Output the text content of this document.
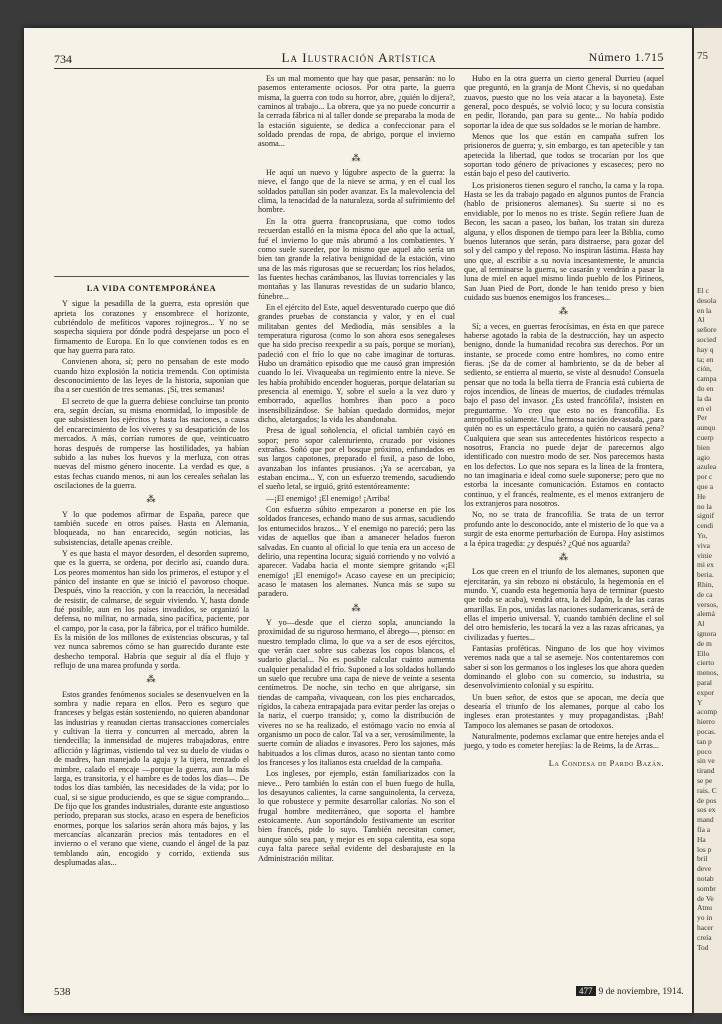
734	La Ilustración Artística	Número 1.715
LA VIDA CONTEMPORÁNEA

Y sigue la pesadilla de la guerra, esta opresión que aprieta los corazones y ensombrece el horizonte, cubriéndolo de mefíticos vapores rojinegros... Y no se sospecha siquiera por dónde podrá despejarse un poco el firmamento de Europa. En lo que convienen todos es en que hay guerra para rato.

Convienen ahora, sí; pero no pensaban de este modo cuando hizo explosión la noticia tremenda. Con optimista desconocimiento de las leyes de la historia, suponían que iba a ser cuestión de tres semanas. ¡Sí, tres semanas!

El secreto de que la guerra debiese concluirse tan pronto era, según decían, su misma enormidad, lo imposible de que subsistiesen los ejércitos y hasta las naciones, a causa del encarecimiento de los víveres y su desaparición de los mercados. A más, corrían rumores de que, veinticuatro horas después de romperse las hostilidades, ya habían subido a las nubes los huevos y la merluza, con otras nuevas del mismo género inocente. La verdad es que, a estas fechas cuando menos, ni aun los cereales señalan las oscilaciones de la guerra.

⁂

Y lo que podemos afirmar de España, parece que también sucede en otros países. Hasta en Alemania, bloqueada, no han encarecido, según noticias, las subsistencias, detalle apenas creíble.

Y es que hasta el mayor desorden, el desorden supremo, que es la guerra, se ordena, por decirlo así, cuando dura. Los peores momentos han sido los primeros, el estupor y el pánico del instante en que se inició el pavoroso choque. Después, vino la reacción, y con la reacción, la necesidad de resistir, de calmarse, de seguir viviendo. Y, hasta donde fué posible, aun en los países invadidos, se organizó la defensa, no militar, no armada, sino pacífica, paciente, por el campo, por la casa, por la fábrica, por el tráfico humilde. Es la misión de los millones de existencias obscuras, y tal vez nunca sabremos cómo se han guarecido durante este deshecho temporal. Habría que seguir al día el flujo y reflujo de una marea profunda y sorda.

⁂

Estos grandes fenómenos sociales se desenvuelven en la sombra y nadie repara en ellos. Pero es seguro que franceses y belgas están sosteniendo, no quieren abandonar las industrias y reanudan ciertas transacciones comerciales y cultivan la tierra y concurren al mercado, abren la tiendecilla; la inmensidad de mujeres trabajadoras, entre aflicción y lágrimas, vistiendo tal vez su duelo de viudas o de madres, han manejado la aguja y la tijera, trenzado el mimbre, calado el encaje —porque la guerra, aun la más larga, es transitoria, y el hambre es de todos los días—. De todos los días también, las necesidades de la vida; por lo cual, si se sigue produciendo, es que se sigue comprando... De fijo que los grandes industriales, durante este angustioso período, preparan sus stocks, acaso en espera de beneficios enormes, porque los salarios serán ahora más bajos, y las mercancías alcanzarán precios más tentadores en el invierno o el verano que viene, cuando el ángel de la paz temblando aún, encogido y corrido, extienda sus desplumadas alas...

Es un mal momento que hay que pasar, pensarán: no lo pasemos enteramente ociosos. Por otra parte, la guerra misma, la guerra con todo su horror, abre, ¿quién lo dijera?, caminos al trabajo... La obrera, que ya no puede concurrir a la cerrada fábrica ni al taller donde se preparaba la moda de la estación siguiente, se dedica a confeccionar para el soldado prendas de ropa, de abrigo, porque el invierno asoma...

⁂

He aquí un nuevo y lúgubre aspecto de la guerra: la nieve, el fango que de la nieve se arma, y en el cual los soldados patullan sin poder avanzar. Es la malevolencia del clima, la tenacidad de la naturaleza, sorda al sufrimiento del hombre.

En la otra guerra francoprusiana, que como todos recuerdan estalló en la misma época del año que la actual, fué el invierno lo que más abrumó a los combatientes. Y como suele suceder, por lo mismo que aquel año sería un bien tan grande la relativa benignidad de la estación, vino una de las más rigurosas que se recuerdan; los ríos helados, las fuentes hechas carámbanos, las lluvias torrenciales y las montañas y las llanuras revestidas de un sudario blanco, fúnebre...

En el ejército del Este, aquel desventurado cuerpo que dió grandes pruebas de constancia y valor, y en el cual militaban gentes del Mediodía, más sensibles a la temperatura rigurosa (como lo son ahora esos senegaleses que ha sido preciso reexpedir a su país, porque se morían), padeció con el frío lo que no cabe imaginar de torturas. Hubo un dramático episodio que me causó gran impresión cuando lo leí. Vivaqueaba un regimiento entre la nieve. Se les había prohibido encender hogueras, porque delatarían su presencia al enemigo. Y, sobre el suelo a la vez duro y emborrado, aquellos hombres iban poco a poco insensibilizándose. Se habían quedado dormidos, mejor dicho, aletargados; la vida les abandonaba.

Presa de igual soñolencia, el oficial también cayó en sopor; pero sopor calenturiento, cruzado por visiones extrañas. Soñó que por el bosque próximo, enfundados en sus largos capotones, preparado el fusil, a paso de lobo, avanzaban los infantes prusianos. ¡Ya se acercaban, ya estaban encima... Y, con un esfuerzo tremendo, sacudiendo el sueño letal, se irguió, gritó estentóreamente:

—¡El enemigo! ¡El enemigo! ¡Arriba!

Con esfuerzo súbito empezaron a ponerse en pie los soldados franceses, echando mano de sus armas, sacudiendo los entumecidos brazos... Y el enemigo no pareció; pero las vidas de aquellos que iban a amanecer helados fueron salvadas. En cuanto al oficial lo que tenía era un acceso de delirio, una repentina locura; siguió corriendo y no volvió a aparecer. Vadaba hacia el monte siempre gritando «¡El enemigo! ¡El enemigo!» Acaso cayese en un precipicio; acaso le matasen los alemanes. Nunca más se supo su paradero.

⁂

Y yo—desde que el cierzo sopla, anunciando la proximidad de su riguroso hermano, el ábrego—, pienso: en nuestro templado clima, lo que va a ser de esos ejércitos, que verán caer sobre sus cabezas los copos blancos, el sudario glacial... No es posible calcular cuánto aumenta cualquier penalidad el frío. Suponed a los soldados hollando un suelo que recubre una capa de nieve de veinte a sesenta centímetros. De noche, sin techo en que abrigarse, sin tiendas de campaña, vivaquean, con los pies encharcados, rígidos, la cabeza entrapajada para evitar perder las orejas o la nariz, el cuerpo transido; y, como la distribución de víveres no se ha realizado, el estómago vacío no envía al organismo un poco de calor. Tal va a ser, verosímilmente, la suerte común de aliados e invasores. Pero los sajones, más habituados a los climas duros, acaso no sientan tanto como los franceses y los italianos esta crueldad de la campaña.

Los ingleses, por ejemplo, están familiarizados con la nieve... Pero también lo están con el buen fuego de hulla, los desayunos calientes, la carne sanguinolenta, la cerveza, lo que robustece y permite desarrollar calorías. No son el frugal hombre mediterráneo, que soporta el hambre estoicamente. Aun soportándolo festivamente un escritor bien francés, pide lo suyo. También necesitan comer, aunque sólo sea pan, y mejor es en sopa calentita, esa sopa cuya falta parece señal evidente del desbarajuste en la Administración militar.

Hubo en la otra guerra un cierto general Durrieu (aquel que preguntó, en la granja de Mont Chevis, si no quedaban zuavos, puesto que no los veía atacar a la bayoneta). Este general, poco después, se volvió loco; y su locura consistía en pedir, llorando, pan para su gente... No había podido soportar la idea de que sus soldados se le morían de hambre.

Menos que los que están en campaña sufren los prisioneros de guerra; y, sin embargo, es tan apetecible y tan apetecida la libertad, que todos se trocarían por los que soportan todo género de privaciones y escaseces; pero no están bajo el peso del cautiverio.

Los prisioneros tienen seguro el rancho, la cama y la ropa. Hasta se les da trabajo pagado en algunos puntos de Francia (hablo de prisioneros alemanes). Su suerte si no es envidiable, por lo menos no es triste. Según refiere Juan de Becon, les sacan a paseo, los bañan, los tratan sin dureza alguna, y ellos disponen de tiempo para leer la Biblia, como buenos luteranos que serán, para distraerse, para gozar del sol y del campo y del reposo. No inspiran lástima. Hasta hay uno que, al escribir a su novia incesantemente, le anuncia que, al terminarse la guerra, se casarán y vendrán a pasar la luna de miel en aquel mismo lindo pueblo de los Pirineos, San Juan Pied de Port, donde le han tenido preso y bien cuidado sus buenos enemigos los franceses...

⁂

Sí; a veces, en guerras ferocísimas, en ésta en que parece haberse agotado la rabia de la destrucción, hay un aspecto benigno, donde la humanidad recobra sus derechos. Por un instante, se procede como entre hombres, no como entre fieras. ¡Se da de comer al hambriento, se da de beber al sediento, se entierra al muerto, se viste al desnudo! Consuela pensar que no toda la bella tierra de Francia está cubierta de rojos incendios, de líneas de muertos, de ciudades trémulas bajo el paso del invasor. ¿Es usted francófila?, insisten en preguntarme. Yo creo que esto no es francofilia. Es antropofilia solamente. Una hermosa nación devastada, ¿para quién no es un espectáculo grato, a quién no causará pena? Cualquiera que sean sus antecedentes históricos respecto a nosotros, Francia no puede dejar de parecernos algo identificado con nuestro modo de ser. Nos parecemos hasta en los defectos. Lo que nos separa es la línea de la frontera, no tan imaginaria e ideal como suele suponerse; pero que no estorba la incesante comunicación. Estamos en contacto continuo, y el francés, realmente, es el menos extranjero de los extranjeros para nosotros.

No, no se trata de francofilia. Se trata de un terror profundo ante lo desconocido, ante el misterio de lo que va a surgir de esta enorme perturbación de Europa. Hoy asistimos a la épica tragedia: ¿y después? ¿Qué nos aguarda?

⁂

Los que creen en el triunfo de los alemanes, suponen que ejercitarán, ya sin rebozo ni obstáculo, la hegemonía en el mundo. Y, cuando esta hegemonía haya de terminar (puesto que todo se acaba), vendrá otra, la del Japón, la de las caras amarillas. En pos, unidas las naciones sudamericanas, será de ellas el imperio universal. Y, cuando también decline el sol del otro hemisferio, les tocará la vez a las razas africanas, ya civilizadas y fuertes...

Fantasías proféticas. Ninguno de los que hoy vivimos veremos nada que a tal se asemeje. Nos contentaremos con saber si son los germanos o los ingleses los que ahora queden dominando el globo con su comercio, su industria, su desenvolvimiento colonial y su espíritu.

Un buen señor, de estos que se apocan, me decía que desearía el triunfo de los alemanes, porque al cabo los ingleses eran protestantes y muy propagandistas. ¡Bah! Tampoco los alemanes se pasan de ortodoxos.

Naturalmente, podemos exclamar que entre herejes anda el juego, y todo es cometer herejías: la de Reims, la de Arras...

La Condesa de Pardo Bazán.
538	477 9 de noviembre, 1914.
75
El c
desola
en la
Al
señore
socied
hay q
ta; en
ción,
campa
do en
la da
en el
Per
aunqu
cuerp
bien
agio
azulea
por c
que a
He
no la
signif
cendi
Yo,
viva
vinie
mi ex
beria.
Rhin,
de ca
versos,
alemá
Al
ignora
de m
Ello
cierto
menos,
paral
expor
Y
acomp
hierro
pocas.
tan p
poco
sin ve
tirand
se pe
rais. C
de pos
sos ex
mand
fía a
Ha
los p
bril
deve
notab
sombr
de Ve
Atnu
yo in
hacer
creía
Tod
